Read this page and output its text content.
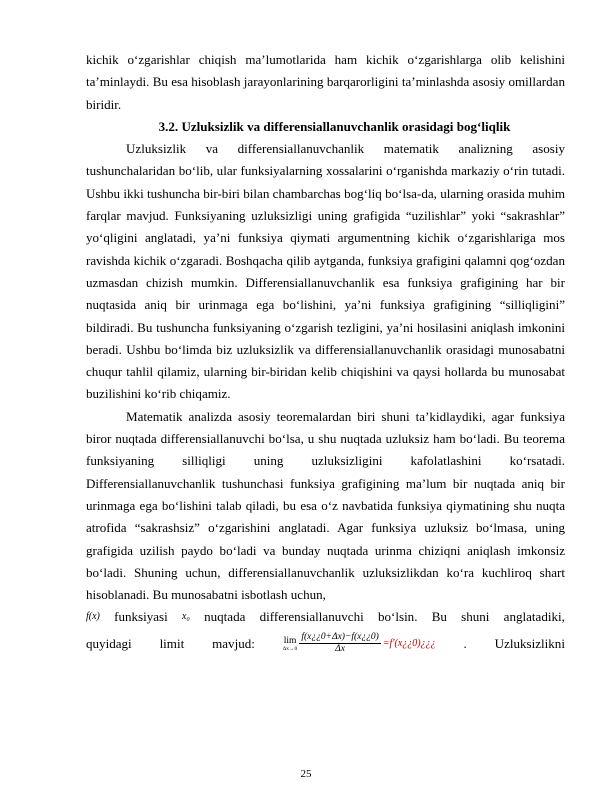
kichik o‘zgarishlar chiqish ma’lumotlarida ham kichik o‘zgarishlarga olib kelishini ta’minlaydi. Bu esa hisoblash jarayonlarining barqarorligini ta’minlashda asosiy omillardan biridir.

3.2. Uzluksizlik va differensiallanuvchanlik orasidagi bog‘liqlik

Uzluksizlik va differensiallanuvchanlik matematik analizning asosiy tushunchalaridan bo‘lib, ular funksiyalarning xossalarini o‘rganishda markaziy o‘rin tutadi. Ushbu ikki tushuncha bir-biri bilan chambarchas bog‘liq bo‘lsa-da, ularning orasida muhim farqlar mavjud. Funksiyaning uzluksizligi uning grafigida “uzilishlar” yoki “sakrashlar” yo‘qligini anglatadi, ya’ni funksiya qiymati argumentning kichik o‘zgarishlariga mos ravishda kichik o‘zgaradi. Boshqacha qilib aytganda, funksiya grafigini qalamni qog‘ozdan uzmasdan chizish mumkin. Differensiallanuvchanlik esa funksiya grafigining har bir nuqtasida aniq bir urinmaga ega bo‘lishini, ya’ni funksiya grafigining “silliqligini” bildiradi. Bu tushuncha funksiyaning o‘zgarish tezligini, ya’ni hosilasini aniqlash imkonini beradi. Ushbu bo‘limda biz uzluksizlik va differensiallanuvchanlik orasidagi munosabatni chuqur tahlil qilamiz, ularning bir-biridan kelib chiqishini va qaysi hollarda bu munosabat buzilishini ko‘rib chiqamiz.

Matematik analizda asosiy teoremalardan biri shuni ta’kidlaydiki, agar funksiya biror nuqtada differensiallanuvchi bo‘lsa, u shu nuqtada uzluksiz ham bo‘ladi. Bu teorema funksiyaning silliqligi uning uzluksizligini kafolatlashini ko‘rsatadi. Differensiallanuvchanlik tushunchasi funksiya grafigining ma’lum bir nuqtada aniq bir urinmaga ega bo‘lishini talab qiladi, bu esa o‘z navbatida funksiya qiymatining shu nuqta atrofida “sakrashsiz” o‘zgarishini anglatadi. Agar funksiya uzluksiz bo‘lmasa, uning grafigida uzilish paydo bo‘ladi va bunday nuqtada urinma chiziqni aniqlash imkonsiz bo‘ladi. Shuning uchun, differensiallanuvchanlik uzluksizlikdan ko‘ra kuchliroq shart hisoblanadi. Bu munosabatni isbotlash uchun,

f(x) funksiyasi x₀ nuqtada differensiallanuvchi bo‘lsin. Bu shuni anglatadiki,
quyidagi limit mavjud:	lim
$\Delta x\to 0 \frac{f(x¿¿0+\Delta x)-f(x¿¿0)}{\Delta x}$ =f′(x¿¿0)¿¿¿ . Uzluksizlikni
25
